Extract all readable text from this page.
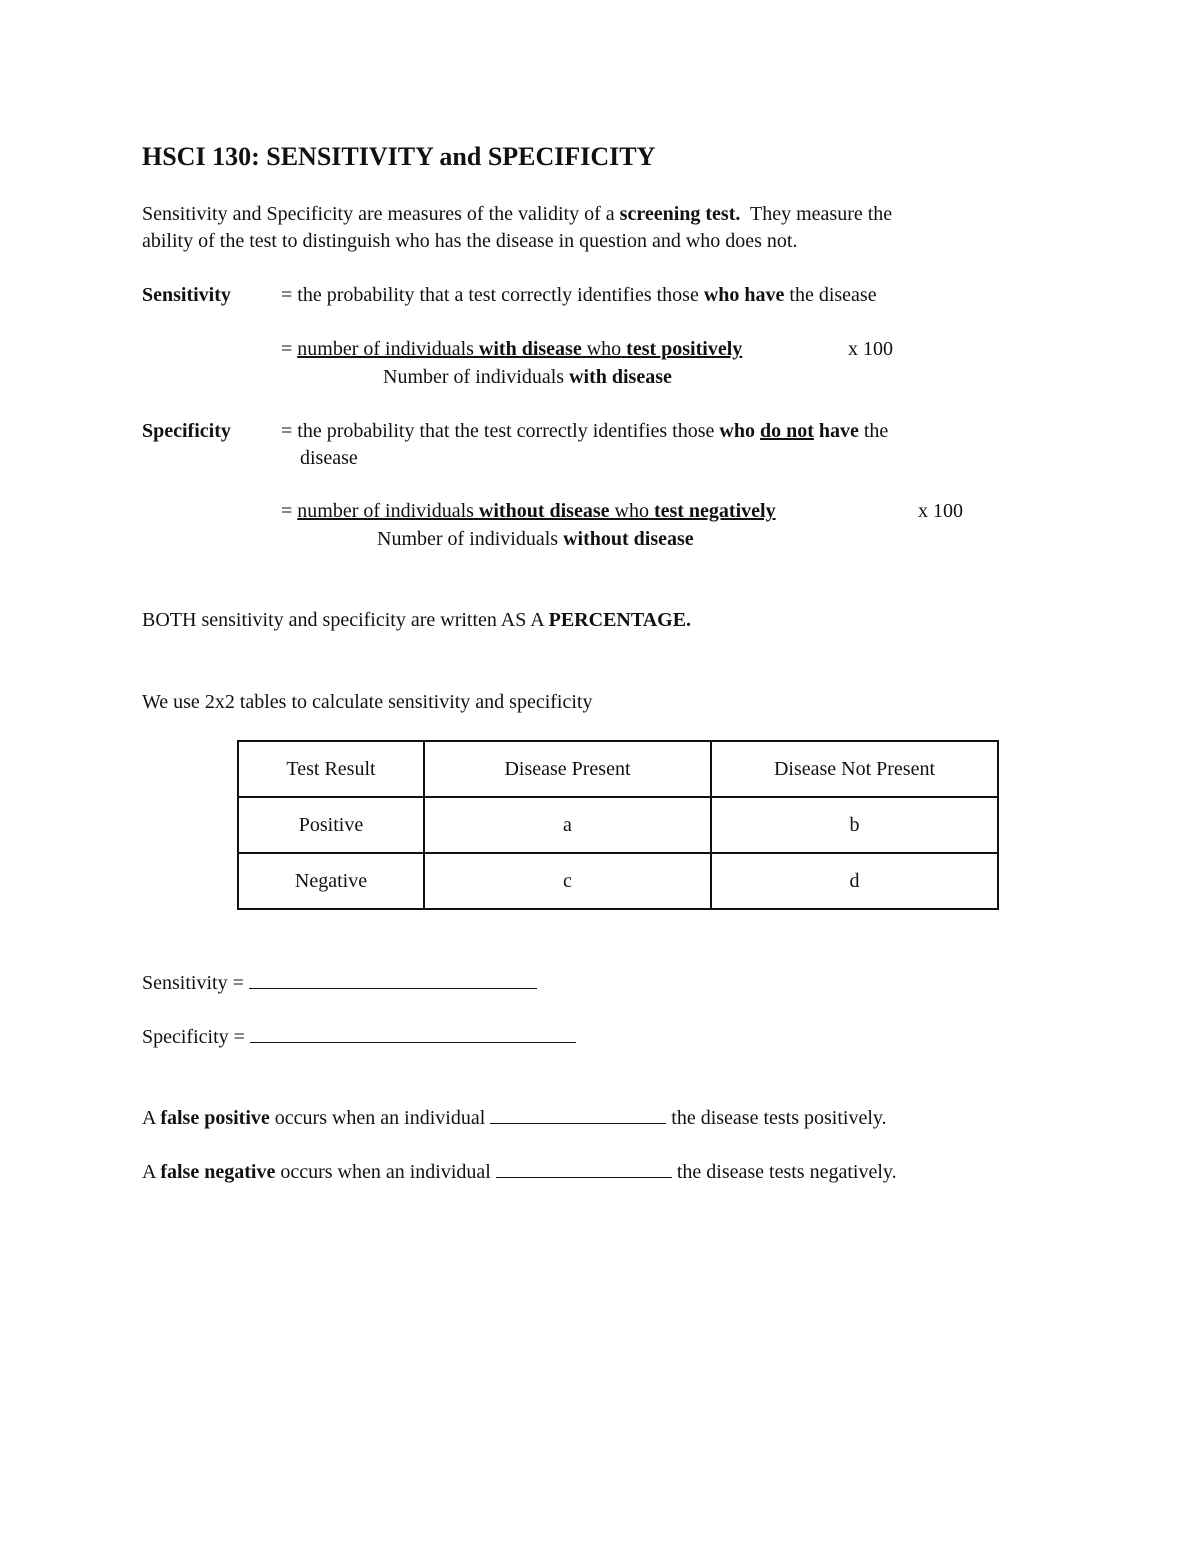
HSCI 130: SENSITIVITY and SPECIFICITY
Sensitivity and Specificity are measures of the validity of a screening test. They measure the
ability of the test to distinguish who has the disease in question and who does not.
Sensitivity	= the probability that a test correctly identifies those who have the disease
= number of individuals with disease who test positively	x 100
Number of individuals with disease
Specificity	= the probability that the test correctly identifies those who do not have the
disease
= number of individuals without disease who test negatively	x 100
Number of individuals without disease
BOTH sensitivity and specificity are written AS A PERCENTAGE.
We use 2x2 tables to calculate sensitivity and specificity
Test Result	Disease Present	Disease Not Present
Positive	a	b
Negative	c	d
Sensitivity =
Specificity =
A false positive occurs when an individual	the disease tests positively.
A false negative occurs when an individual	the disease tests negatively.
